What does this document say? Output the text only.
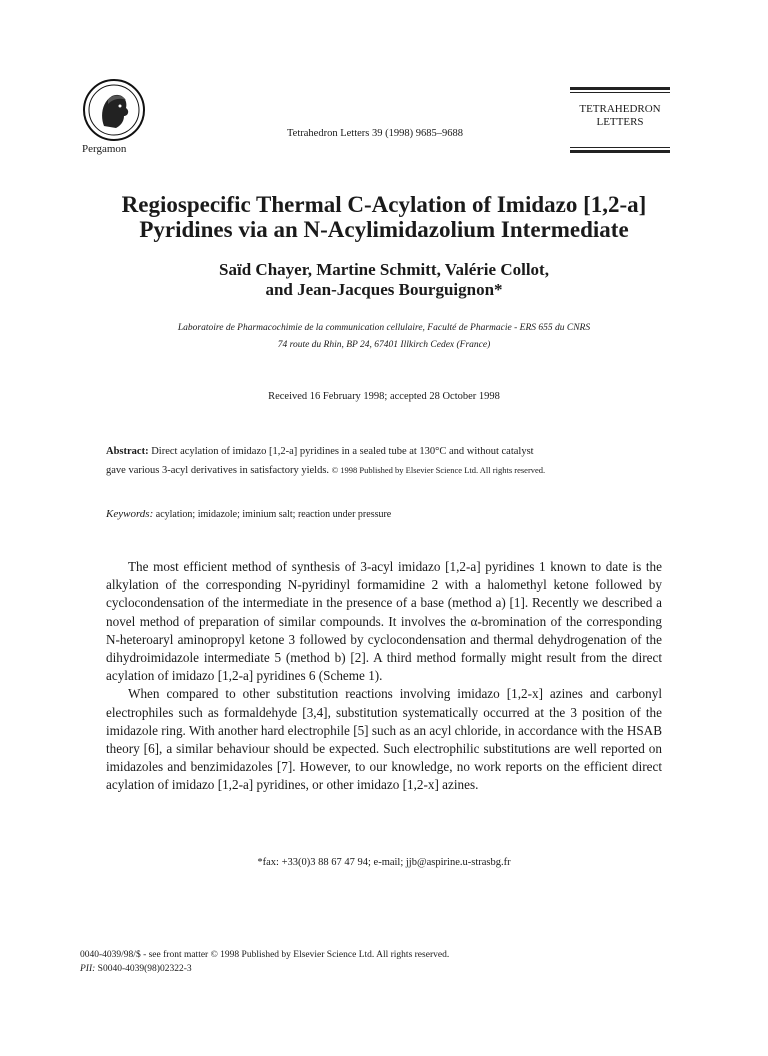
Pergamon
Tetrahedron Letters 39 (1998) 9685–9688
TETRAHEDRON
LETTERS
Regiospecific Thermal C-Acylation of Imidazo [1,2-a]
Pyridines via an N-Acylimidazolium Intermediate
Saïd Chayer, Martine Schmitt, Valérie Collot,
and Jean-Jacques Bourguignon*
Laboratoire de Pharmacochimie de la communication cellulaire, Faculté de Pharmacie - ERS 655 du CNRS
74 route du Rhin, BP 24, 67401 Illkirch Cedex (France)
Received 16 February 1998; accepted 28 October 1998
Abstract: Direct acylation of imidazo [1,2-a] pyridines in a sealed tube at 130°C and without catalyst
gave various 3-acyl derivatives in satisfactory yields. © 1998 Published by Elsevier Science Ltd. All rights reserved.
Keywords: acylation; imidazole; iminium salt; reaction under pressure

The most efficient method of synthesis of 3-acyl imidazo [1,2-a] pyridines 1 known to date is the alkylation of the corresponding N-pyridinyl formamidine 2 with a halomethyl ketone followed by cyclocondensation of the intermediate in the presence of a base (method a) [1]. Recently we described a novel method of preparation of similar compounds. It involves the α-bromination of the corresponding N-heteroaryl aminopropyl ketone 3 followed by cyclocondensation and thermal dehydrogenation of the dihydroimidazole intermediate 5 (method b) [2]. A third method formally might result from the direct acylation of imidazo [1,2-a] pyridines 6 (Scheme 1).

When compared to other substitution reactions involving imidazo [1,2-x] azines and carbonyl electrophiles such as formaldehyde [3,4], substitution systematically occurred at the 3 position of the imidazole ring. With another hard electrophile [5] such as an acyl chloride, in accordance with the HSAB theory [6], a similar behaviour should be expected. Such electrophilic substitutions are well reported on imidazoles and benzimidazoles [7]. However, to our knowledge, no work reports on the efficient direct acylation of imidazo [1,2-a] pyridines, or other imidazo [1,2-x] azines.

*fax: +33(0)3 88 67 47 94; e-mail; jjb@aspirine.u-strasbg.fr
0040-4039/98/$ - see front matter © 1998 Published by Elsevier Science Ltd. All rights reserved.
PII: S0040-4039(98)02322-3
